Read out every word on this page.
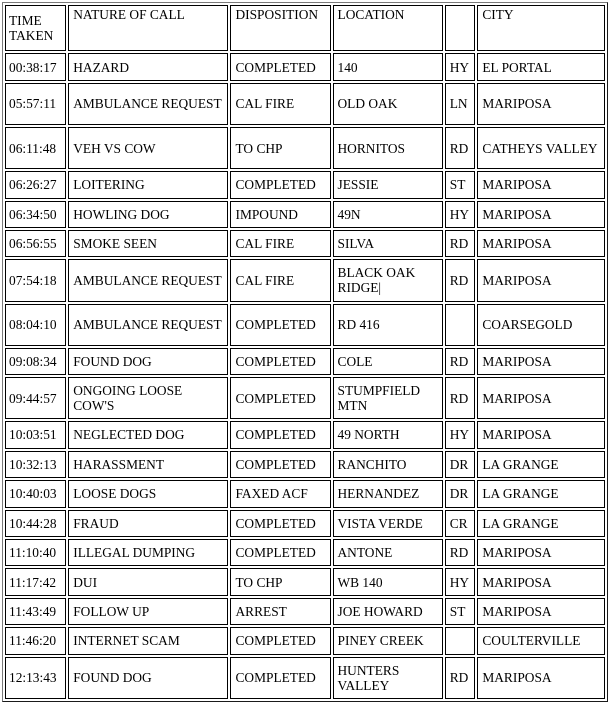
TIME TAKEN	NATURE OF CALL	DISPOSITION	LOCATION		CITY
00:38:17	HAZARD	COMPLETED	140	HY	EL PORTAL
05:57:11	AMBULANCE REQUEST	CAL FIRE	OLD OAK	LN	MARIPOSA
06:11:48	VEH VS COW	TO CHP	HORNITOS	RD	CATHEYS VALLEY
06:26:27	LOITERING	COMPLETED	JESSIE	ST	MARIPOSA
06:34:50	HOWLING DOG	IMPOUND	49N	HY	MARIPOSA
06:56:55	SMOKE SEEN	CAL FIRE	SILVA	RD	MARIPOSA
07:54:18	AMBULANCE REQUEST	CAL FIRE	BLACK OAK RIDGE|	RD	MARIPOSA
08:04:10	AMBULANCE REQUEST	COMPLETED	RD 416		COARSEGOLD
09:08:34	FOUND DOG	COMPLETED	COLE	RD	MARIPOSA
09:44:57	ONGOING LOOSE COW'S	COMPLETED	STUMPFIELD MTN	RD	MARIPOSA
10:03:51	NEGLECTED DOG	COMPLETED	49 NORTH	HY	MARIPOSA
10:32:13	HARASSMENT	COMPLETED	RANCHITO	DR	LA GRANGE
10:40:03	LOOSE DOGS	FAXED ACF	HERNANDEZ	DR	LA GRANGE
10:44:28	FRAUD	COMPLETED	VISTA VERDE	CR	LA GRANGE
11:10:40	ILLEGAL DUMPING	COMPLETED	ANTONE	RD	MARIPOSA
11:17:42	DUI	TO CHP	WB 140	HY	MARIPOSA
11:43:49	FOLLOW UP	ARREST	JOE HOWARD	ST	MARIPOSA
11:46:20	INTERNET SCAM	COMPLETED	PINEY CREEK		COULTERVILLE
12:13:43	FOUND DOG	COMPLETED	HUNTERS VALLEY	RD	MARIPOSA
